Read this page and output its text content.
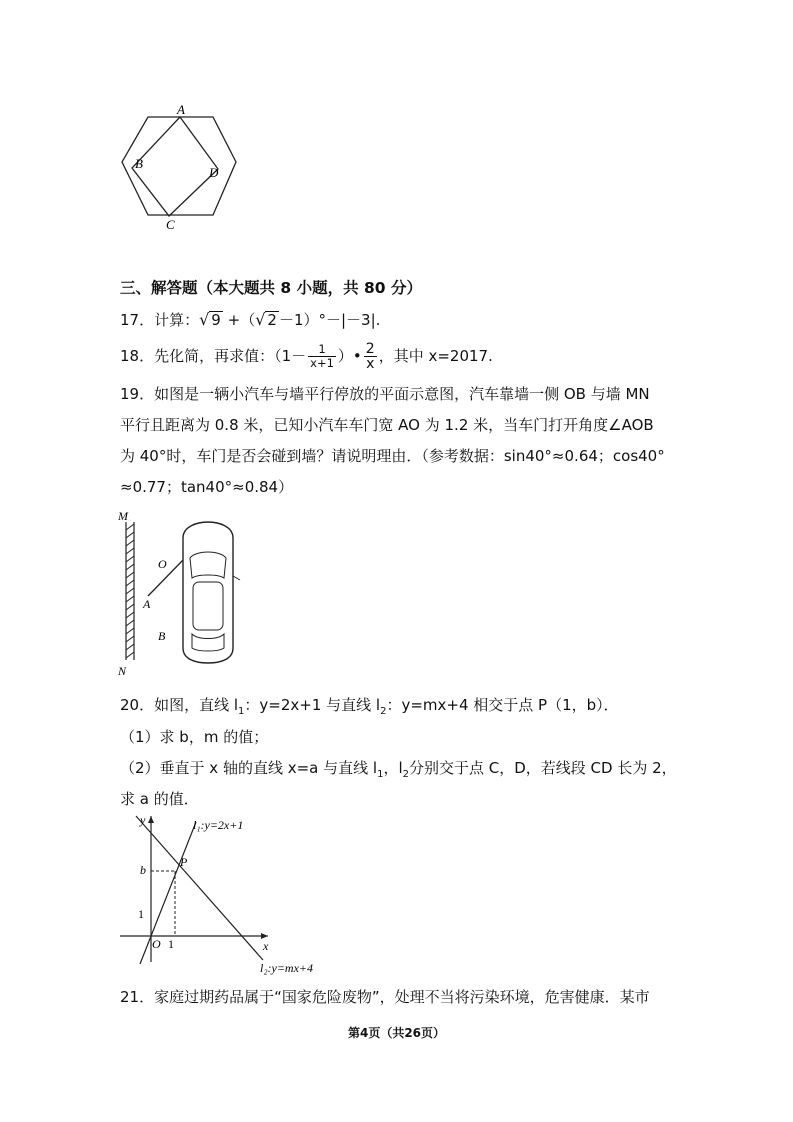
A
B
C
D
三、解答题（本大题共 8 小题，共 80 分）
17．计算：√ 9 +（√ 2 －1）°－|－3|.
18．先化简，再求值：（$1- \frac{1}{x+1}$ ）• $\frac{2}{x}$ ，其中 x=2017.
19．如图是一辆小汽车与墙平行停放的平面示意图，汽车靠墙一侧 OB 与墙 MN
平行且距离为 0.8 米，已知小汽车车门宽 AO 为 1.2 米，当车门打开角度∠AOB
为 40°时，车门是否会碰到墙？请说明理由．（参考数据：sin40°≈0.64；cos40°
≈0.77；tan40°≈0.84）
M
N
O
A
B
20．如图，直线 $l_1$：y=2x+1 与直线 $l_2$：y=mx+4 相交于点 P（1，b）．
（1）求 b，m 的值；
（2）垂直于 x 轴的直线 x=a 与直线 $l_1$，$l_2$分别交于点 C，D，若线段 CD 长为 2，
求 a 的值．
y
x
O 1
1
b
P
l₁:y=2x+1
l₂:y=mx+4
21．家庭过期药品属于“国家危险废物”，处理不当将污染环境，危害健康．某市
第4页（共26页）
